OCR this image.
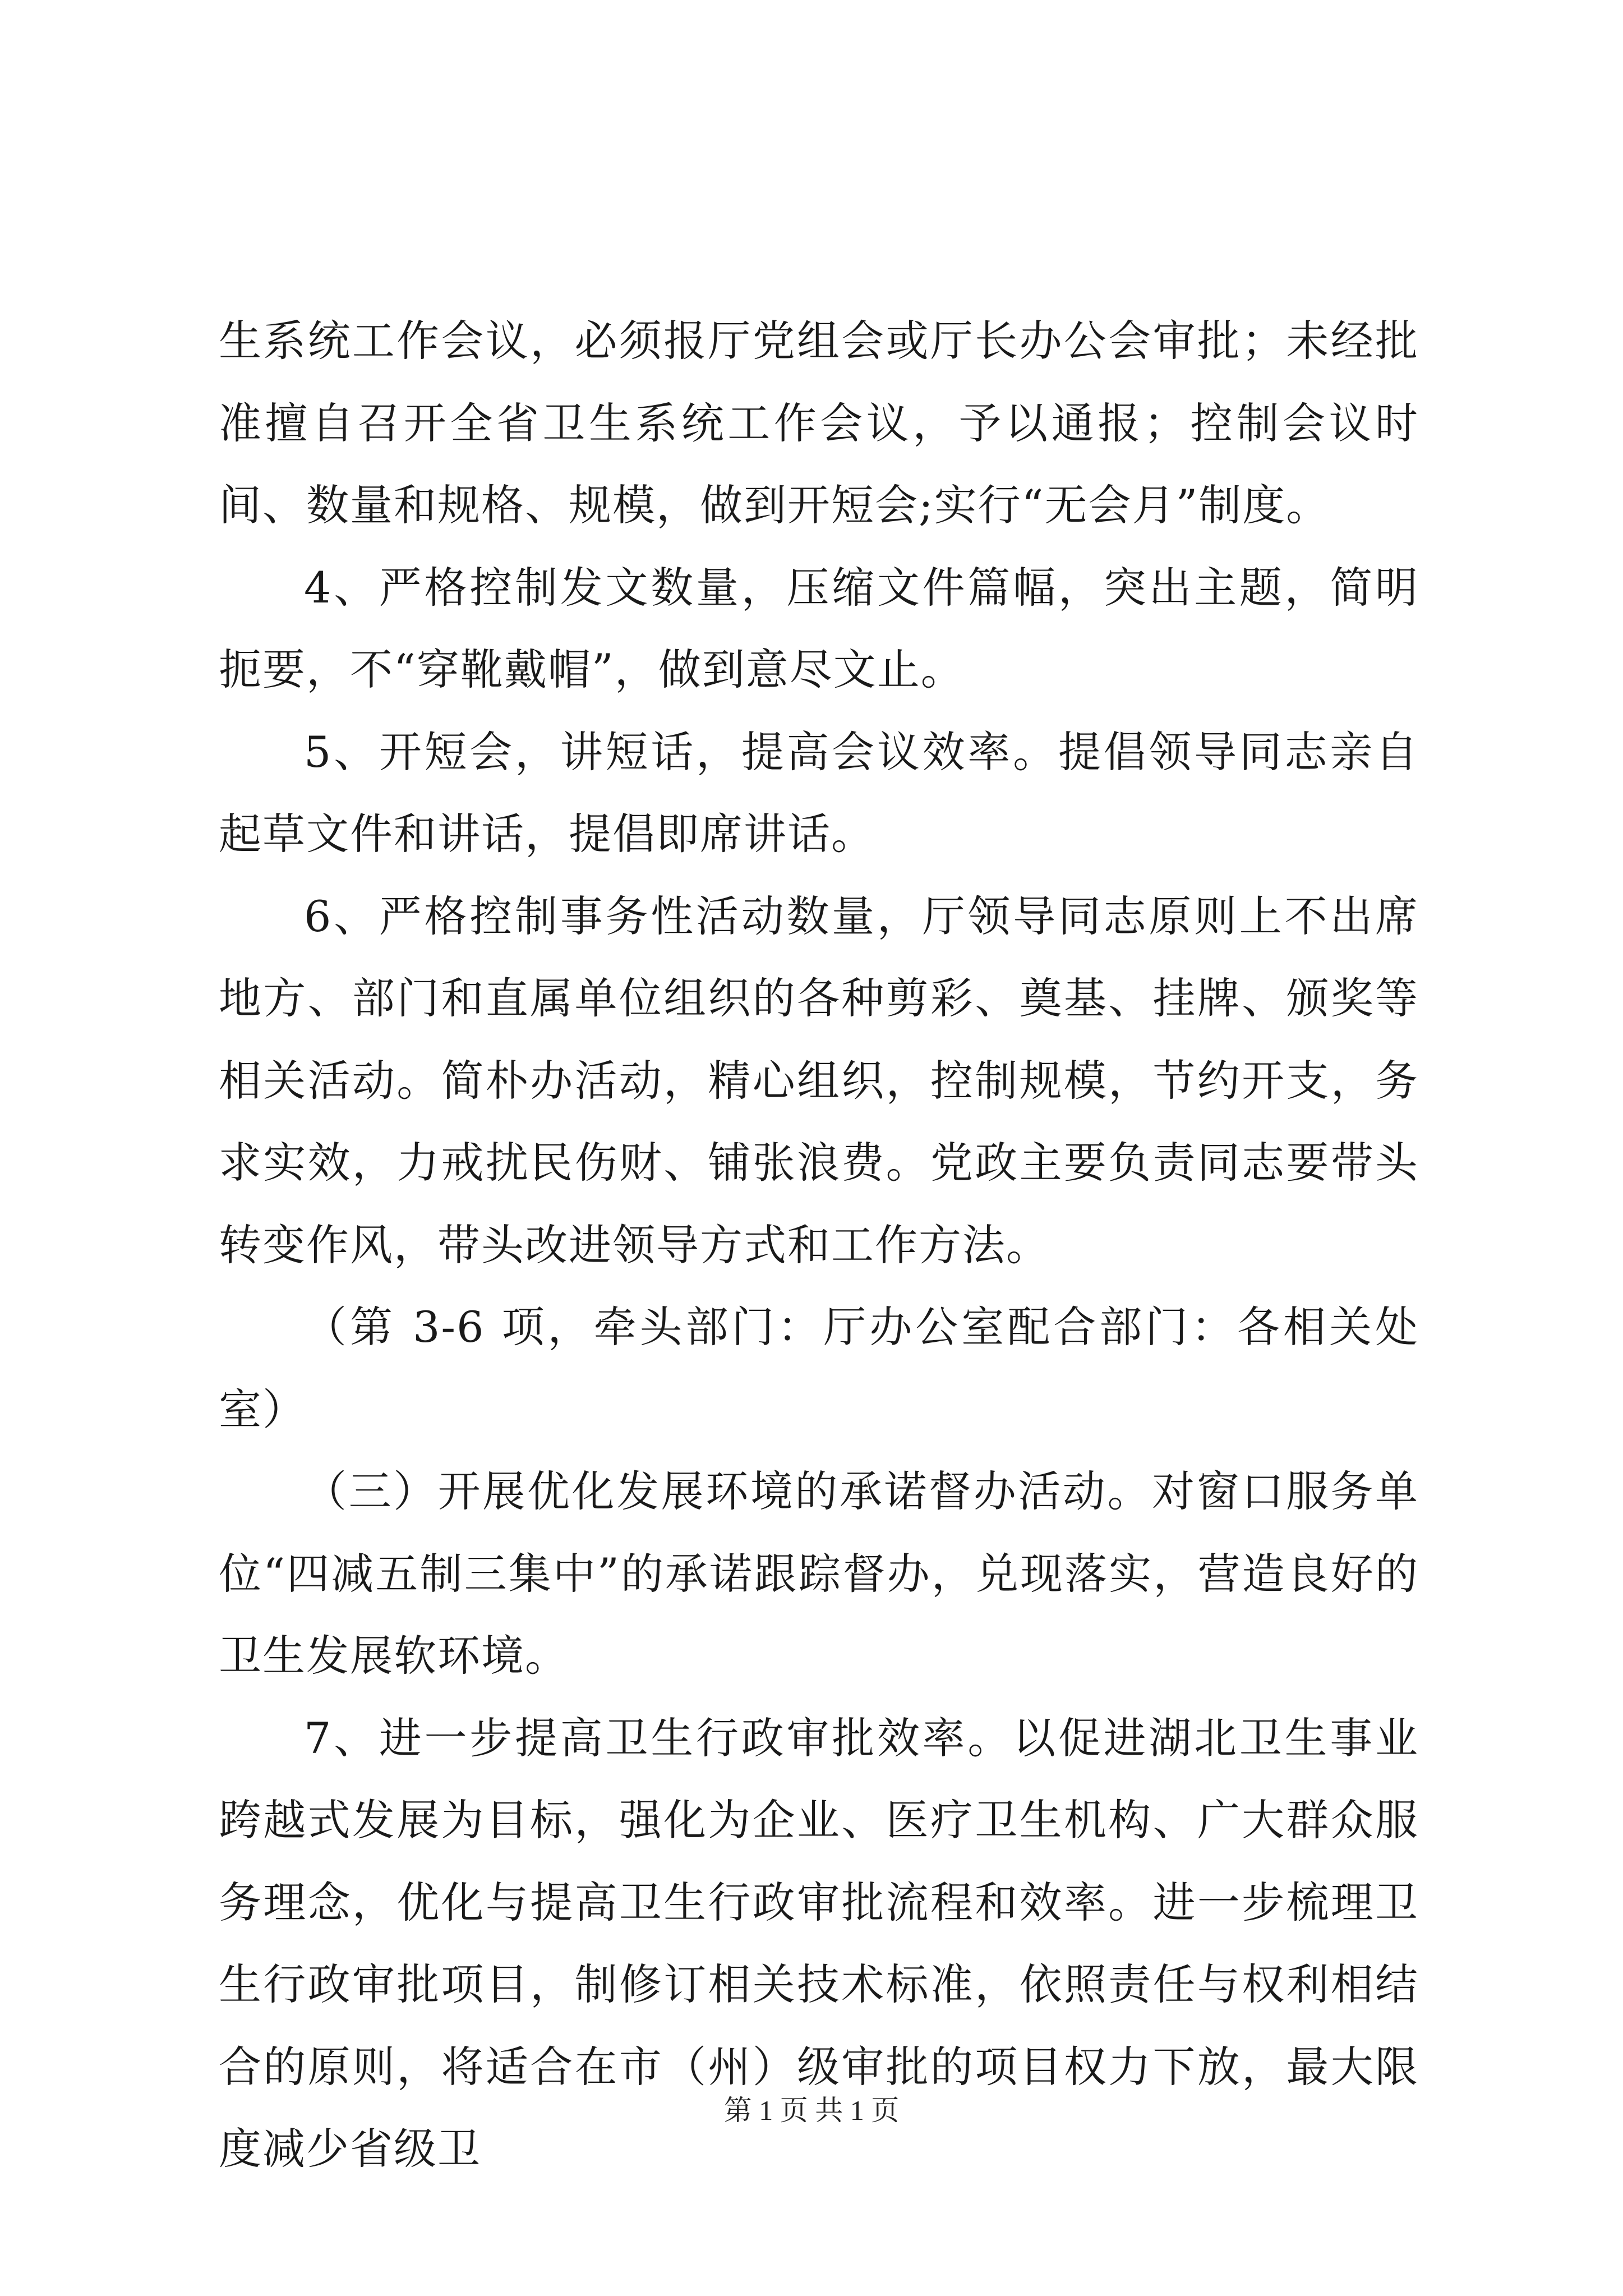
生系统工作会议，必须报厅党组会或厅长办公会审批；未经批准擅自召开全省卫生系统工作会议，予以通报；控制会议时间、数量和规格、规模，做到开短会;实行“无会月”制度。

4、严格控制发文数量，压缩文件篇幅，突出主题，简明扼要，不“穿靴戴帽”，做到意尽文止。

5、开短会，讲短话，提高会议效率。提倡领导同志亲自起草文件和讲话，提倡即席讲话。

6、严格控制事务性活动数量，厅领导同志原则上不出席地方、部门和直属单位组织的各种剪彩、奠基、挂牌、颁奖等相关活动。简朴办活动，精心组织，控制规模，节约开支，务求实效，力戒扰民伤财、铺张浪费。党政主要负责同志要带头转变作风，带头改进领导方式和工作方法。

（第 3-6 项，牵头部门：厅办公室配合部门：各相关处室）

（三）开展优化发展环境的承诺督办活动。对窗口服务单位“四减五制三集中”的承诺跟踪督办，兑现落实，营造良好的卫生发展软环境。

7、进一步提高卫生行政审批效率。以促进湖北卫生事业跨越式发展为目标，强化为企业、医疗卫生机构、广大群众服务理念，优化与提高卫生行政审批流程和效率。进一步梳理卫生行政审批项目，制修订相关技术标准，依照责任与权利相结合的原则，将适合在市（州）级审批的项目权力下放，最大限度减少省级卫

第 1 页 共 1 页
